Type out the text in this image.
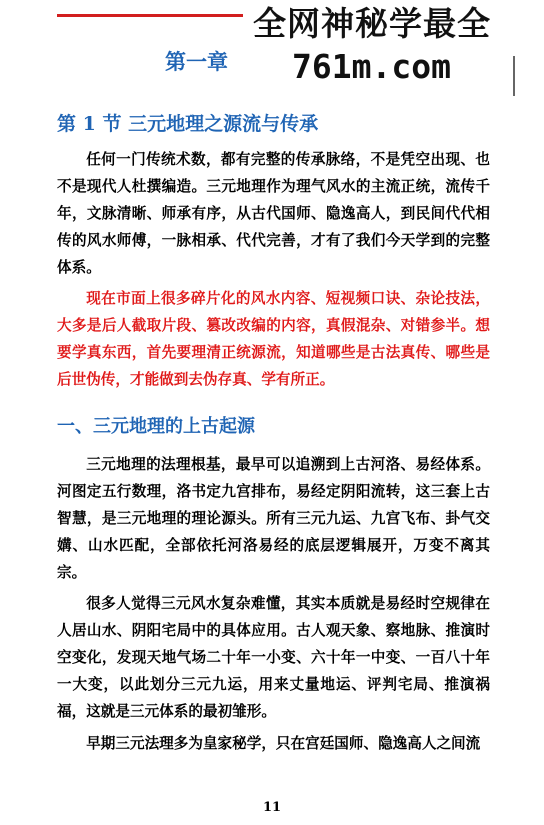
全网神秘学最全
761m.com
第一章
第 1 节 三元地理之源流与传承

任何一门传统术数，都有完整的传承脉络，不是凭空出现、也不是现代人杜撰编造。三元地理作为理气风水的主流正统，流传千年，文脉清晰、师承有序，从古代国师、隐逸高人，到民间代代相传的风水师傅，一脉相承、代代完善，才有了我们今天学到的完整体系。

现在市面上很多碎片化的风水内容、短视频口诀、杂论技法，大多是后人截取片段、篡改改编的内容，真假混杂、对错参半。想要学真东西，首先要理清正统源流，知道哪些是古法真传、哪些是后世伪传，才能做到去伪存真、学有所正。

一、三元地理的上古起源

三元地理的法理根基，最早可以追溯到上古河洛、易经体系。河图定五行数理，洛书定九宫排布，易经定阴阳流转，这三套上古智慧，是三元地理的理论源头。所有三元九运、九宫飞布、卦气交媾、山水匹配，全部依托河洛易经的底层逻辑展开，万变不离其宗。

很多人觉得三元风水复杂难懂，其实本质就是易经时空规律在人居山水、阴阳宅局中的具体应用。古人观天象、察地脉、推演时空变化，发现天地气场二十年一小变、六十年一中变、一百八十年一大变，以此划分三元九运，用来丈量地运、评判宅局、推演祸福，这就是三元体系的最初雏形。

早期三元法理多为皇家秘学，只在宫廷国师、隐逸高人之间流

11
